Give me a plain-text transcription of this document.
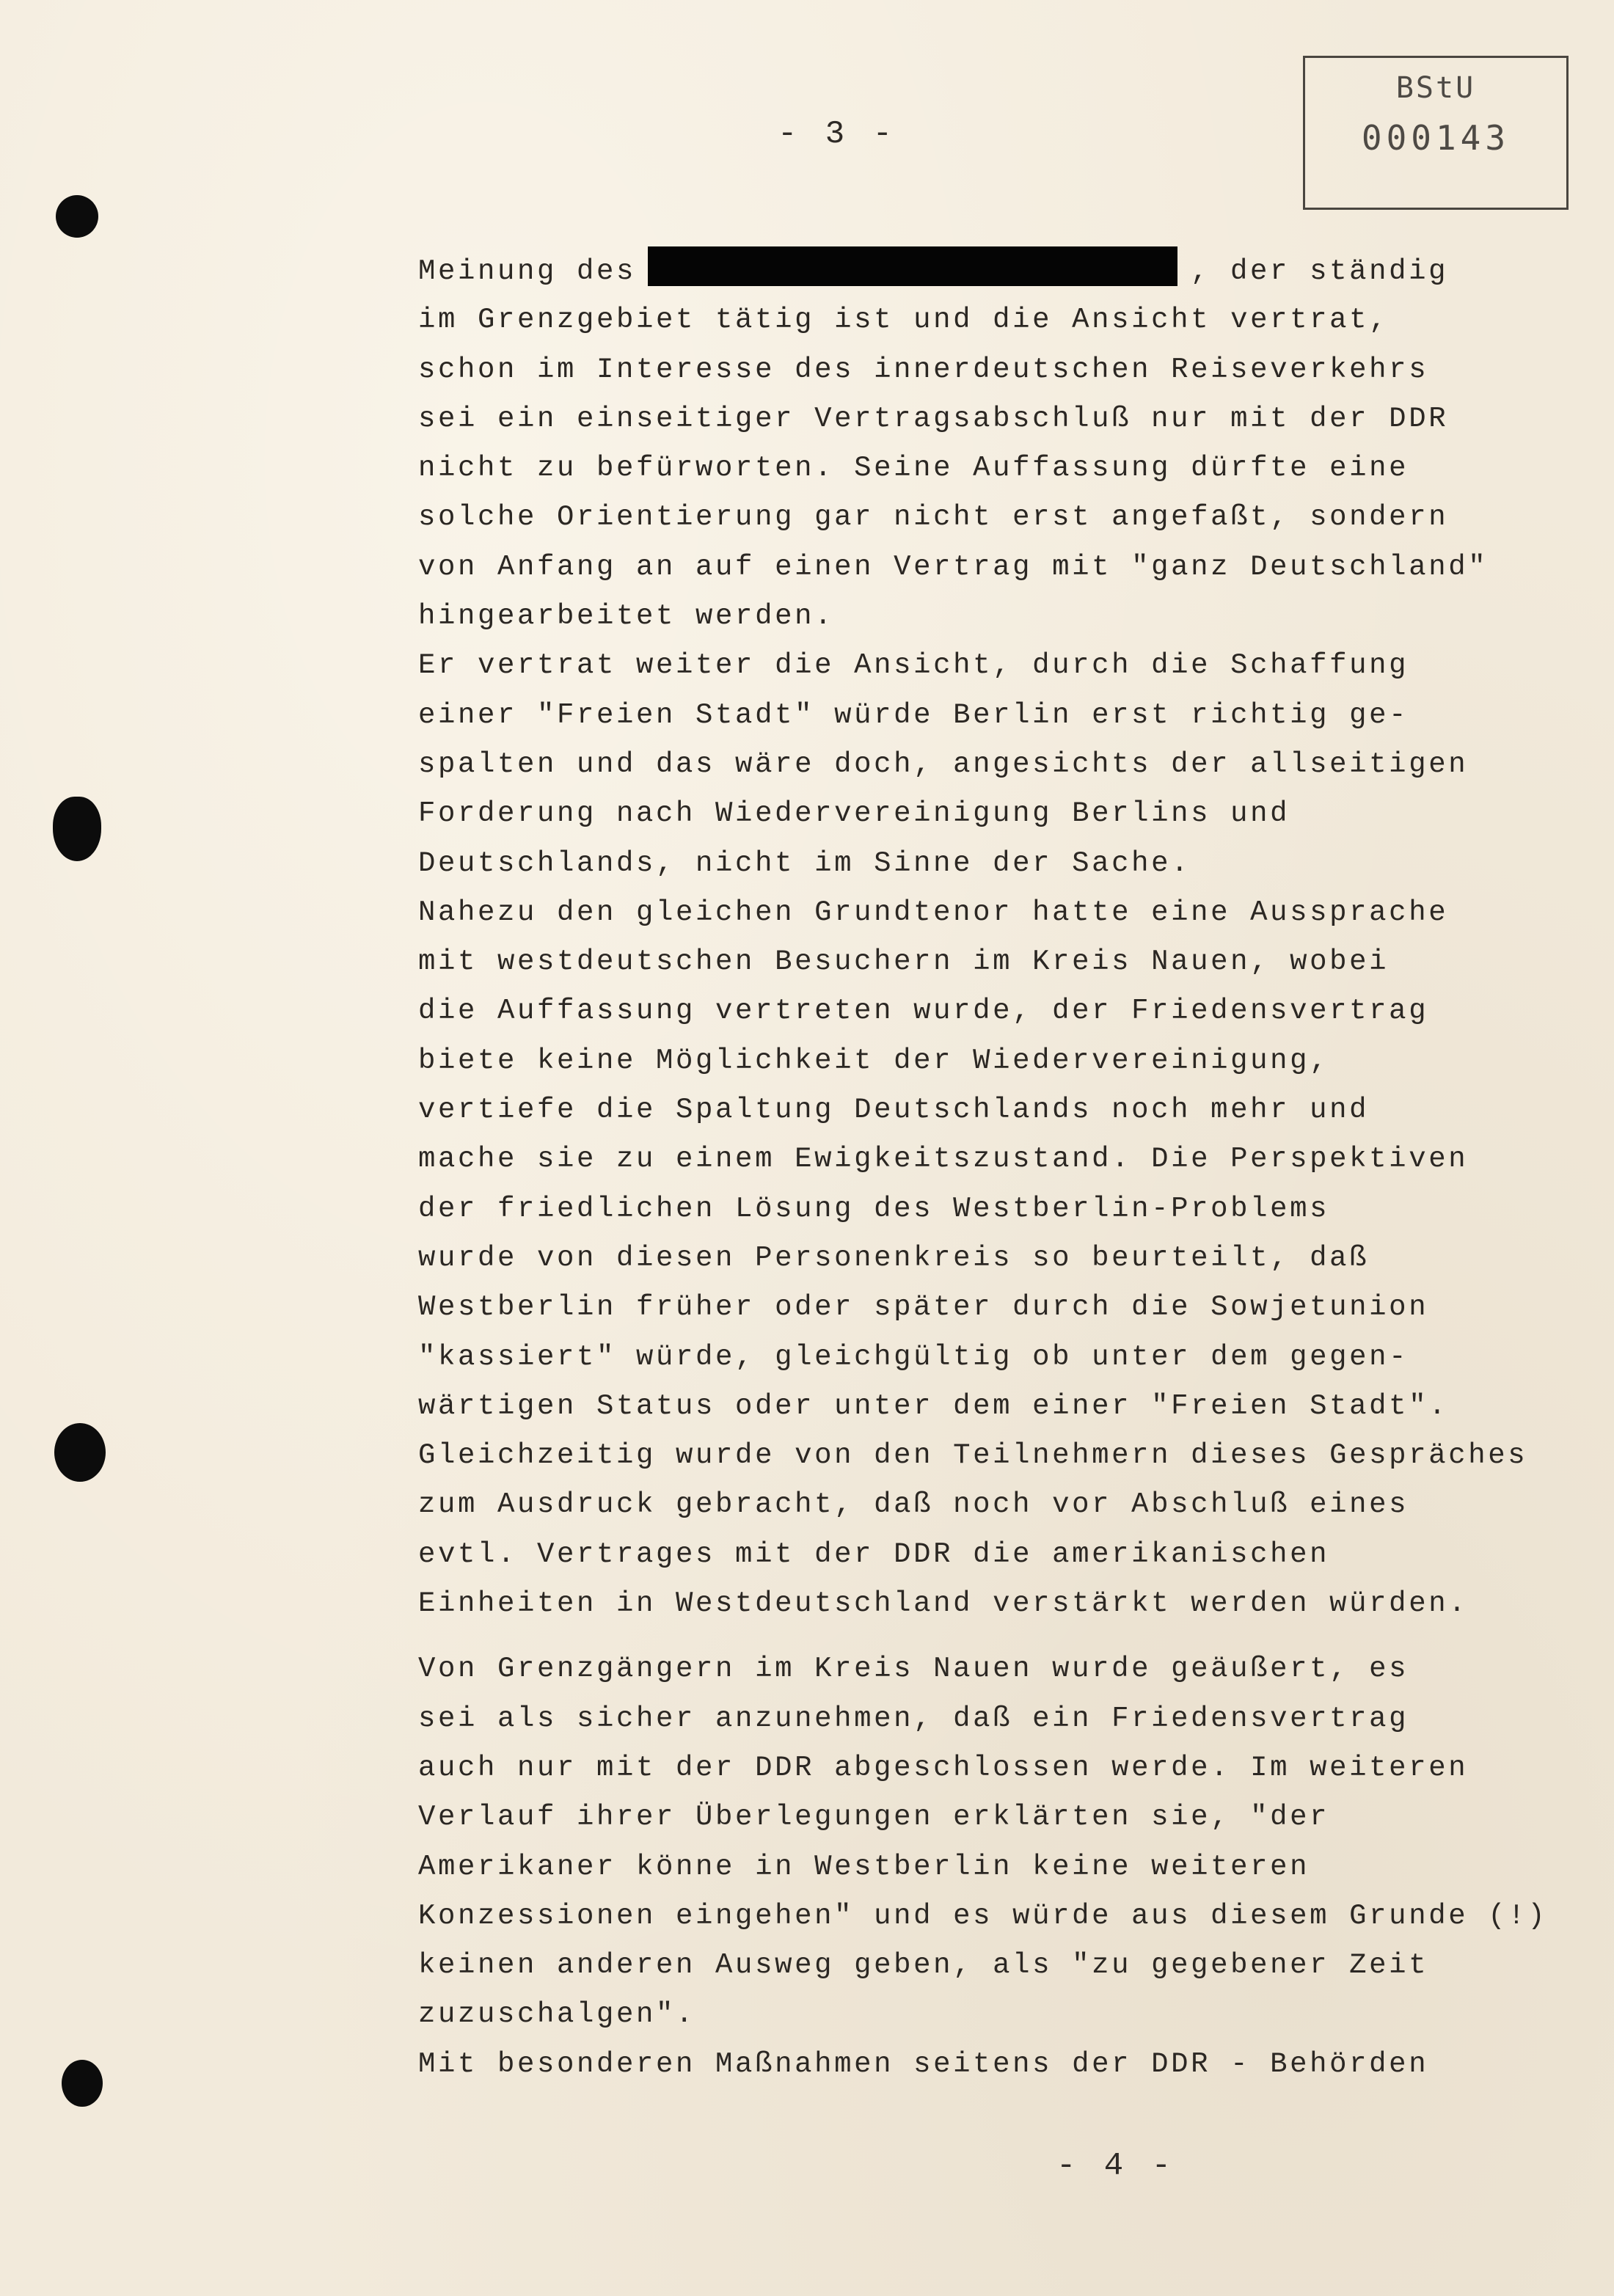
- 3 -
BStU
000143
Meinung des	, der ständig
im Grenzgebiet tätig ist und die Ansicht vertrat,
schon im Interesse des innerdeutschen Reiseverkehrs
sei ein einseitiger Vertragsabschluß nur mit der DDR
nicht zu befürworten. Seine Auffassung dürfte eine
solche Orientierung gar nicht erst angefaßt, sondern
von Anfang an auf einen Vertrag mit "ganz Deutschland"
hingearbeitet werden.
Er vertrat weiter die Ansicht, durch die Schaffung
einer "Freien Stadt" würde Berlin erst richtig ge-
spalten und das wäre doch, angesichts der allseitigen
Forderung nach Wiedervereinigung Berlins und
Deutschlands, nicht im Sinne der Sache.
Nahezu den gleichen Grundtenor hatte eine Aussprache
mit westdeutschen Besuchern im Kreis Nauen, wobei
die Auffassung vertreten wurde, der Friedensvertrag
biete keine Möglichkeit der Wiedervereinigung,
vertiefe die Spaltung Deutschlands noch mehr und
mache sie zu einem Ewigkeitszustand. Die Perspektiven
der friedlichen Lösung des Westberlin-Problems
wurde von diesen Personenkreis so beurteilt, daß
Westberlin früher oder später durch die Sowjetunion
"kassiert" würde, gleichgültig ob unter dem gegen-
wärtigen Status oder unter dem einer "Freien Stadt".
Gleichzeitig wurde von den Teilnehmern dieses Gespräches
zum Ausdruck gebracht, daß noch vor Abschluß eines
evtl. Vertrages mit der DDR die amerikanischen
Einheiten in Westdeutschland verstärkt werden würden.
Von Grenzgängern im Kreis Nauen wurde geäußert, es
sei als sicher anzunehmen, daß ein Friedensvertrag
auch nur mit der DDR abgeschlossen werde. Im weiteren
Verlauf ihrer Überlegungen erklärten sie, "der
Amerikaner könne in Westberlin keine weiteren
Konzessionen eingehen" und es würde aus diesem Grunde (!)
keinen anderen Ausweg geben, als "zu gegebener Zeit
zuzuschalgen".
Mit besonderen Maßnahmen seitens der DDR - Behörden
- 4 -
